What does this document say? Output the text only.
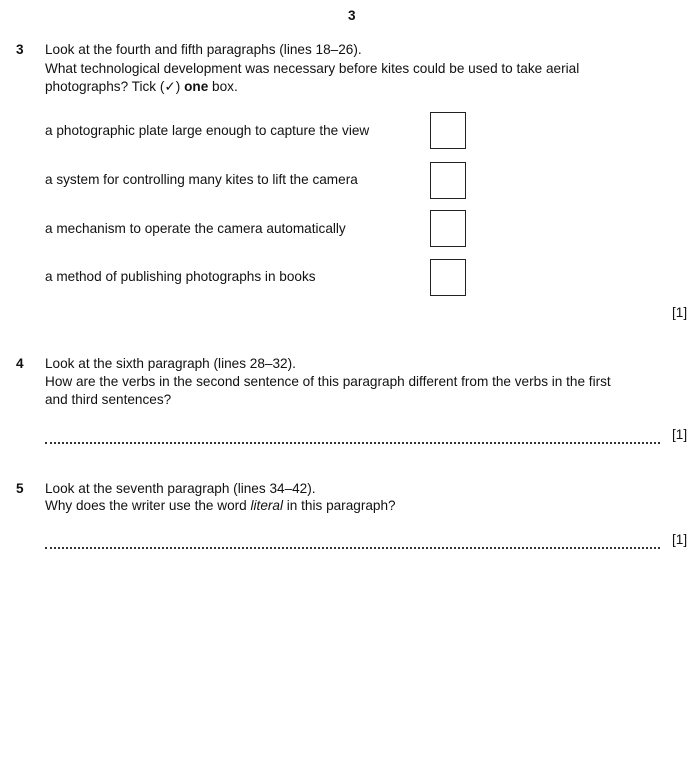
3
3 Look at the fourth and fifth paragraphs (lines 18–26).
What technological development was necessary before kites could be used to take aerial
photographs? Tick (✓) one box.
a photographic plate large enough to capture the view
a system for controlling many kites to lift the camera
a mechanism to operate the camera automatically
a method of publishing photographs in books
[1]
4 Look at the sixth paragraph (lines 28–32).
How are the verbs in the second sentence of this paragraph different from the verbs in the first
and third sentences?
[1]
5 Look at the seventh paragraph (lines 34–42).
Why does the writer use the word literal in this paragraph?
[1]
